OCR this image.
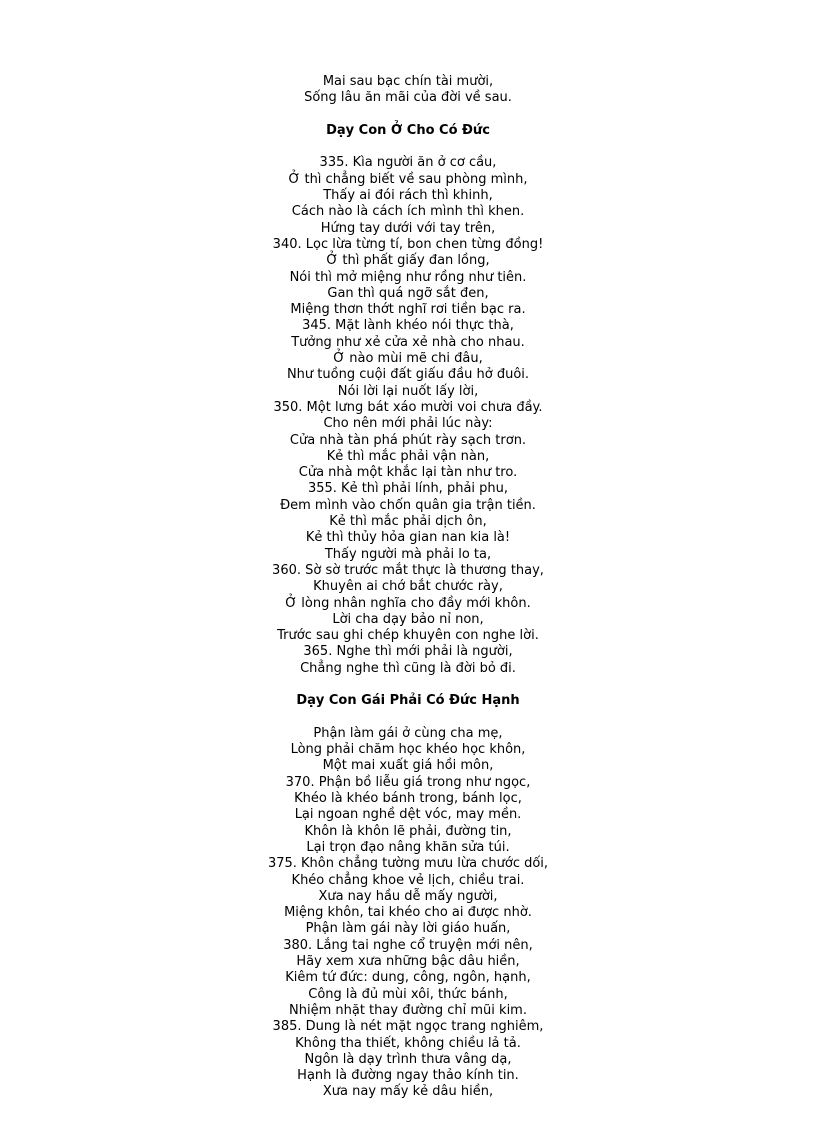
Mai sau bạc chín tài mười,
Sống lâu ăn mãi của đời về sau.
Dạy Con Ở Cho Có Đức
335. Kìa người ăn ở cơ cầu,
Ở thì chẳng biết về sau phòng mình,
Thấy ai đói rách thì khinh,
Cách nào là cách ích mình thì khen.
Hứng tay dưới với tay trên,
340. Lọc lừa từng tí, bon chen từng đồng!
Ở thì phất giấy đan lồng,
Nói thì mở miệng như rồng như tiên.
Gan thì quá ngỡ sắt đen,
Miệng thơn thớt nghĩ rơi tiền bạc ra.
345. Mặt lành khéo nói thực thà,
Tưởng như xẻ cửa xẻ nhà cho nhau.
Ở nào mùi mẽ chi đâu,
Như tuồng cuội đất giấu đầu hở đuôi.
Nói lời lại nuốt lấy lời,
350. Một lưng bát xáo mười voi chưa đầy.
Cho nên mới phải lúc này:
Cửa nhà tàn phá phút rày sạch trơn.
Kẻ thì mắc phải vận nàn,
Cửa nhà một khắc lại tàn như tro.
355. Kẻ thì phải lính, phải phu,
Đem mình vào chốn quân gia trận tiền.
Kẻ thì mắc phải dịch ôn,
Kẻ thì thủy hỏa gian nan kia là!
Thấy người mà phải lo ta,
360. Sờ sờ trước mắt thực là thương thay,
Khuyên ai chớ bắt chước rày,
Ở lòng nhân nghĩa cho đầy mới khôn.
Lời cha dạy bảo nỉ non,
Trước sau ghi chép khuyên con nghe lời.
365. Nghe thì mới phải là người,
Chẳng nghe thì cũng là đời bỏ đi.
Dạy Con Gái Phải Có Đức Hạnh
Phận làm gái ở cùng cha mẹ,
Lòng phải chăm học khéo học khôn,
Một mai xuất giá hồi môn,
370. Phận bồ liễu giá trong như ngọc,
Khéo là khéo bánh trong, bánh lọc,
Lại ngoan nghề dệt vóc, may mền.
Khôn là khôn lẽ phải, đường tin,
Lại trọn đạo nâng khăn sửa túi.
375. Khôn chẳng tường mưu lừa chước dối,
Khéo chẳng khoe vẻ lịch, chiều trai.
Xưa nay hầu dễ mấy người,
Miệng khôn, tai khéo cho ai được nhờ.
Phận làm gái này lời giáo huấn,
380. Lắng tai nghe cổ truyện mới nên,
Hãy xem xưa những bậc dâu hiền,
Kiêm tứ đức: dung, công, ngôn, hạnh,
Công là đủ mùi xôi, thức bánh,
Nhiệm nhặt thay đường chỉ mũi kim.
385. Dung là nét mặt ngọc trang nghiêm,
Không tha thiết, không chiều lả tả.
Ngôn là dạy trình thưa vâng dạ,
Hạnh là đường ngay thảo kính tin.
Xưa nay mấy kẻ dâu hiền,
